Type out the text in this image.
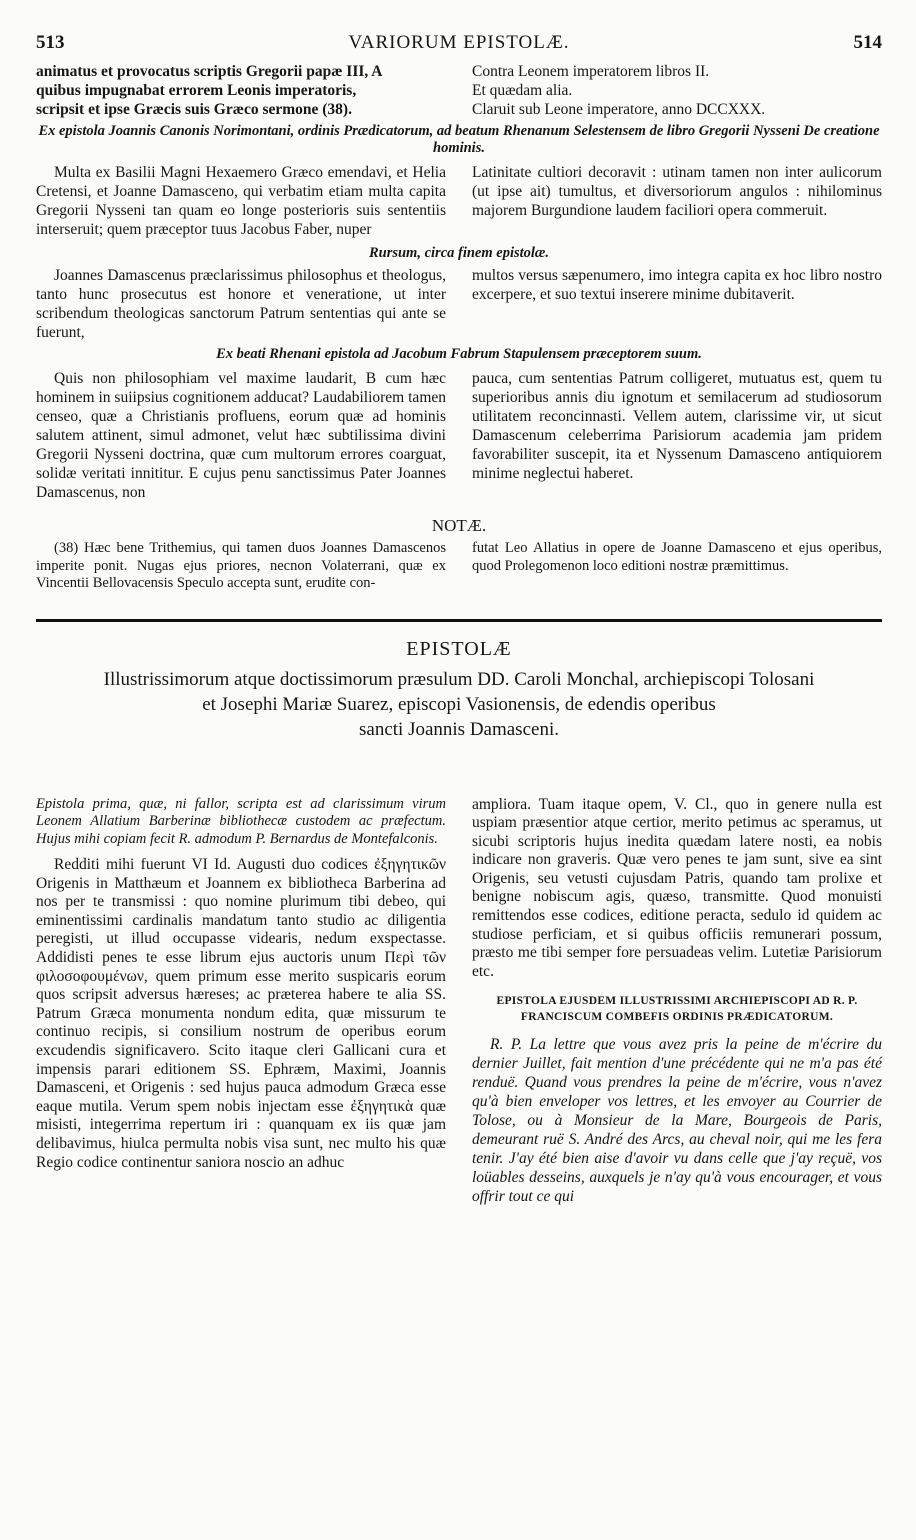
513	VARIORUM EPISTOLÆ.	514
animatus et provocatus scriptis Gregorii papæ III, A
quibus impugnabat errorem Leonis imperatoris,
scripsit et ipse Græcis suis Græco sermone (38).
Contra Leonem imperatorem libros II.
Et quædam alia.
Claruit sub Leone imperatore, anno DCCXXX.

Ex epistola Joannis Canonis Norimontani, ordinis Prædicatorum, ad beatum Rhenanum Selestensem de libro Gregorii Nysseni De creatione hominis.

Multa ex Basilii Magni Hexaemero Græco emendavi, et Helia Cretensi, et Joanne Damasceno, qui verbatim etiam multa capita Gregorii Nysseni tan quam eo longe posterioris suis sententiis interseruit; quem præceptor tuus Jacobus Faber, nuper

Latinitate cultiori decoravit : utinam tamen non inter aulicorum (ut ipse ait) tumultus, et diversoriorum angulos : nihilominus majorem Burgundione laudem faciliori opera commeruit.

Rursum, circa finem epistolæ.

Joannes Damascenus præclarissimus philosophus et theologus, tanto hunc prosecutus est honore et veneratione, ut inter scribendum theologicas sanctorum Patrum sententias qui ante se fuerunt,

multos versus sæpenumero, imo integra capita ex hoc libro nostro excerpere, et suo textui inserere minime dubitaverit.

Ex beati Rhenani epistola ad Jacobum Fabrum Stapulensem præceptorem suum.

Quis non philosophiam vel maxime laudarit, B cum hæc hominem in suiipsius cognitionem adducat? Laudabiliorem tamen censeo, quæ a Christianis profluens, eorum quæ ad hominis salutem attinent, simul admonet, velut hæc subtilissima divini Gregorii Nysseni doctrina, quæ cum multorum errores coarguat, solidæ veritati innititur. E cujus penu sanctissimus Pater Joannes Damascenus, non

pauca, cum sententias Patrum colligeret, mutuatus est, quem tu superioribus annis diu ignotum et semilacerum ad studiosorum utilitatem reconcinnasti. Vellem autem, clarissime vir, ut sicut Damascenum celeberrima Parisiorum academia jam pridem favorabiliter suscepit, ita et Nyssenum Damasceno antiquiorem minime neglectui haberet.

NOTÆ.

(38) Hæc bene Trithemius, qui tamen duos Joannes Damascenos imperite ponit. Nugas ejus priores, necnon Volaterrani, quæ ex Vincentii Bellovacensis Speculo accepta sunt, erudite con-

futat Leo Allatius in opere de Joanne Damasceno et ejus operibus, quod Prolegomenon loco editioni nostræ præmittimus.

EPISTOLÆ
Illustrissimorum atque doctissimorum præsulum DD. Caroli Monchal, archiepiscopi Tolosani
et Josephi Mariæ Suarez, episcopi Vasionensis, de edendis operibus
sancti Joannis Damasceni.

Epistola prima, quæ, ni fallor, scripta est ad clarissimum virum Leonem Allatium Barberinæ bibliothecæ custodem ac præfectum. Hujus mihi copiam fecit R. admodum P. Bernardus de Montefalconis.

Redditi mihi fuerunt VI Id. Augusti duo codices ἐξηγητικῶν Origenis in Matthæum et Joannem ex bibliotheca Barberina ad nos per te transmissi : quo nomine plurimum tibi debeo, qui eminentissimi cardinalis mandatum tanto studio ac diligentia peregisti, ut illud occupasse videaris, nedum exspectasse. Addidisti penes te esse librum ejus auctoris unum Περὶ τῶν φιλοσοφουμένων, quem primum esse merito suspicaris eorum quos scripsit adversus hæreses; ac præterea habere te alia SS. Patrum Græca monumenta nondum edita, quæ missurum te continuo recipis, si consilium nostrum de operibus eorum excudendis significavero. Scito itaque cleri Gallicani cura et impensis parari editionem SS. Ephræm, Maximi, Joannis Damasceni, et Origenis : sed hujus pauca admodum Græca esse eaque mutila. Verum spem nobis injectam esse ἐξηγητικὰ quæ misisti, integerrima repertum iri : quanquam ex iis quæ jam delibavimus, hiulca permulta nobis visa sunt, nec multo his quæ Regio codice continentur saniora noscio an adhuc

ampliora. Tuam itaque opem, V. Cl., quo in genere nulla est uspiam præsentior atque certior, merito petimus ac speramus, ut sicubi scriptoris hujus inedita quædam latere nosti, ea nobis indicare non graveris. Quæ vero penes te jam sunt, sive ea sint Origenis, seu vetusti cujusdam Patris, quando tam prolixe et benigne nobiscum agis, quæso, transmitte. Quod monuisti remittendos esse codices, editione peracta, sedulo id quidem ac studiose perficiam, et si quibus officiis remunerari possum, præsto me tibi semper fore persuadeas velim. Lutetiæ Parisiorum etc.

EPISTOLA EJUSDEM ILLUSTRISSIMI ARCHIEPISCOPI AD R. P. FRANCISCUM COMBEFIS ORDINIS PRÆDICATORUM.

R. P. La lettre que vous avez pris la peine de m'écrire du dernier Juillet, fait mention d'une précédente qui ne m'a pas été renduë. Quand vous prendres la peine de m'écrire, vous n'avez qu'à bien enveloper vos lettres, et les envoyer au Courrier de Tolose, ou à Monsieur de la Mare, Bourgeois de Paris, demeurant ruë S. André des Arcs, au cheval noir, qui me les fera tenir. J'ay été bien aise d'avoir vu dans celle que j'ay reçuë, vos loüables desseins, auxquels je n'ay qu'à vous encourager, et vous offrir tout ce qui
